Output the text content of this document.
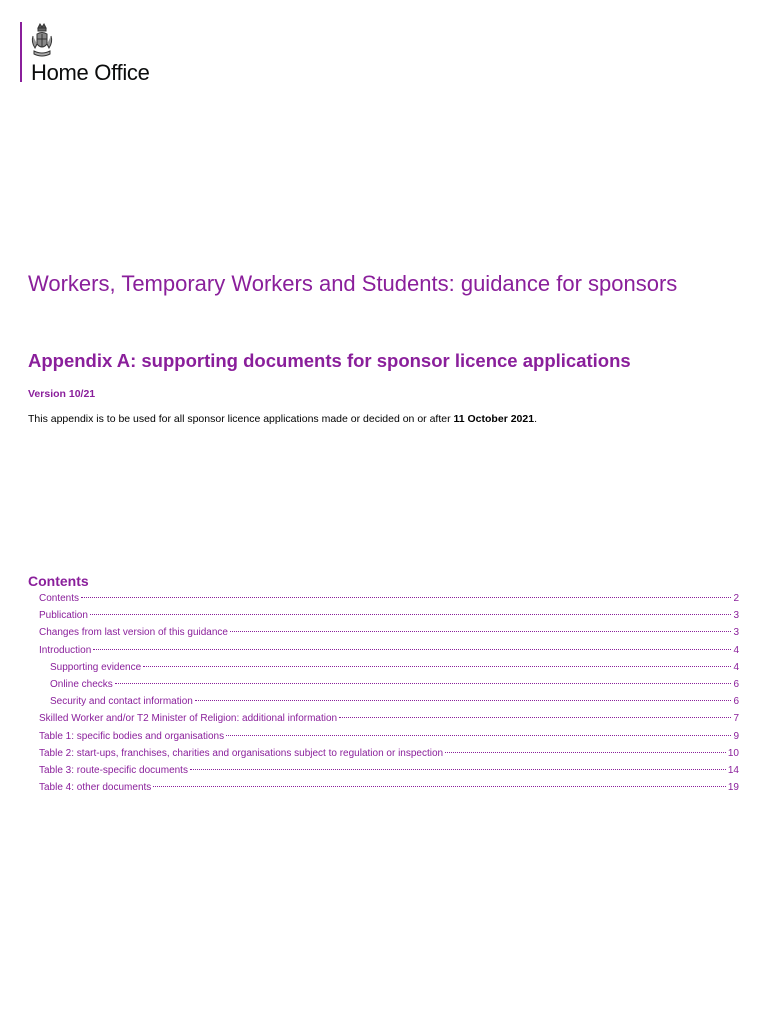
Home Office
Workers, Temporary Workers and Students: guidance for sponsors
Appendix A: supporting documents for sponsor licence applications
Version 10/21
This appendix is to be used for all sponsor licence applications made or decided on or after 11 October 2021.
Contents
Contents	2
Publication	3
Changes from last version of this guidance	3
Introduction	4
Supporting evidence	4
Online checks	6
Security and contact information	6
Skilled Worker and/or T2 Minister of Religion: additional information	7
Table 1: specific bodies and organisations	9
Table 2: start-ups, franchises, charities and organisations subject to regulation or inspection	10
Table 3: route-specific documents	14
Table 4: other documents	19
